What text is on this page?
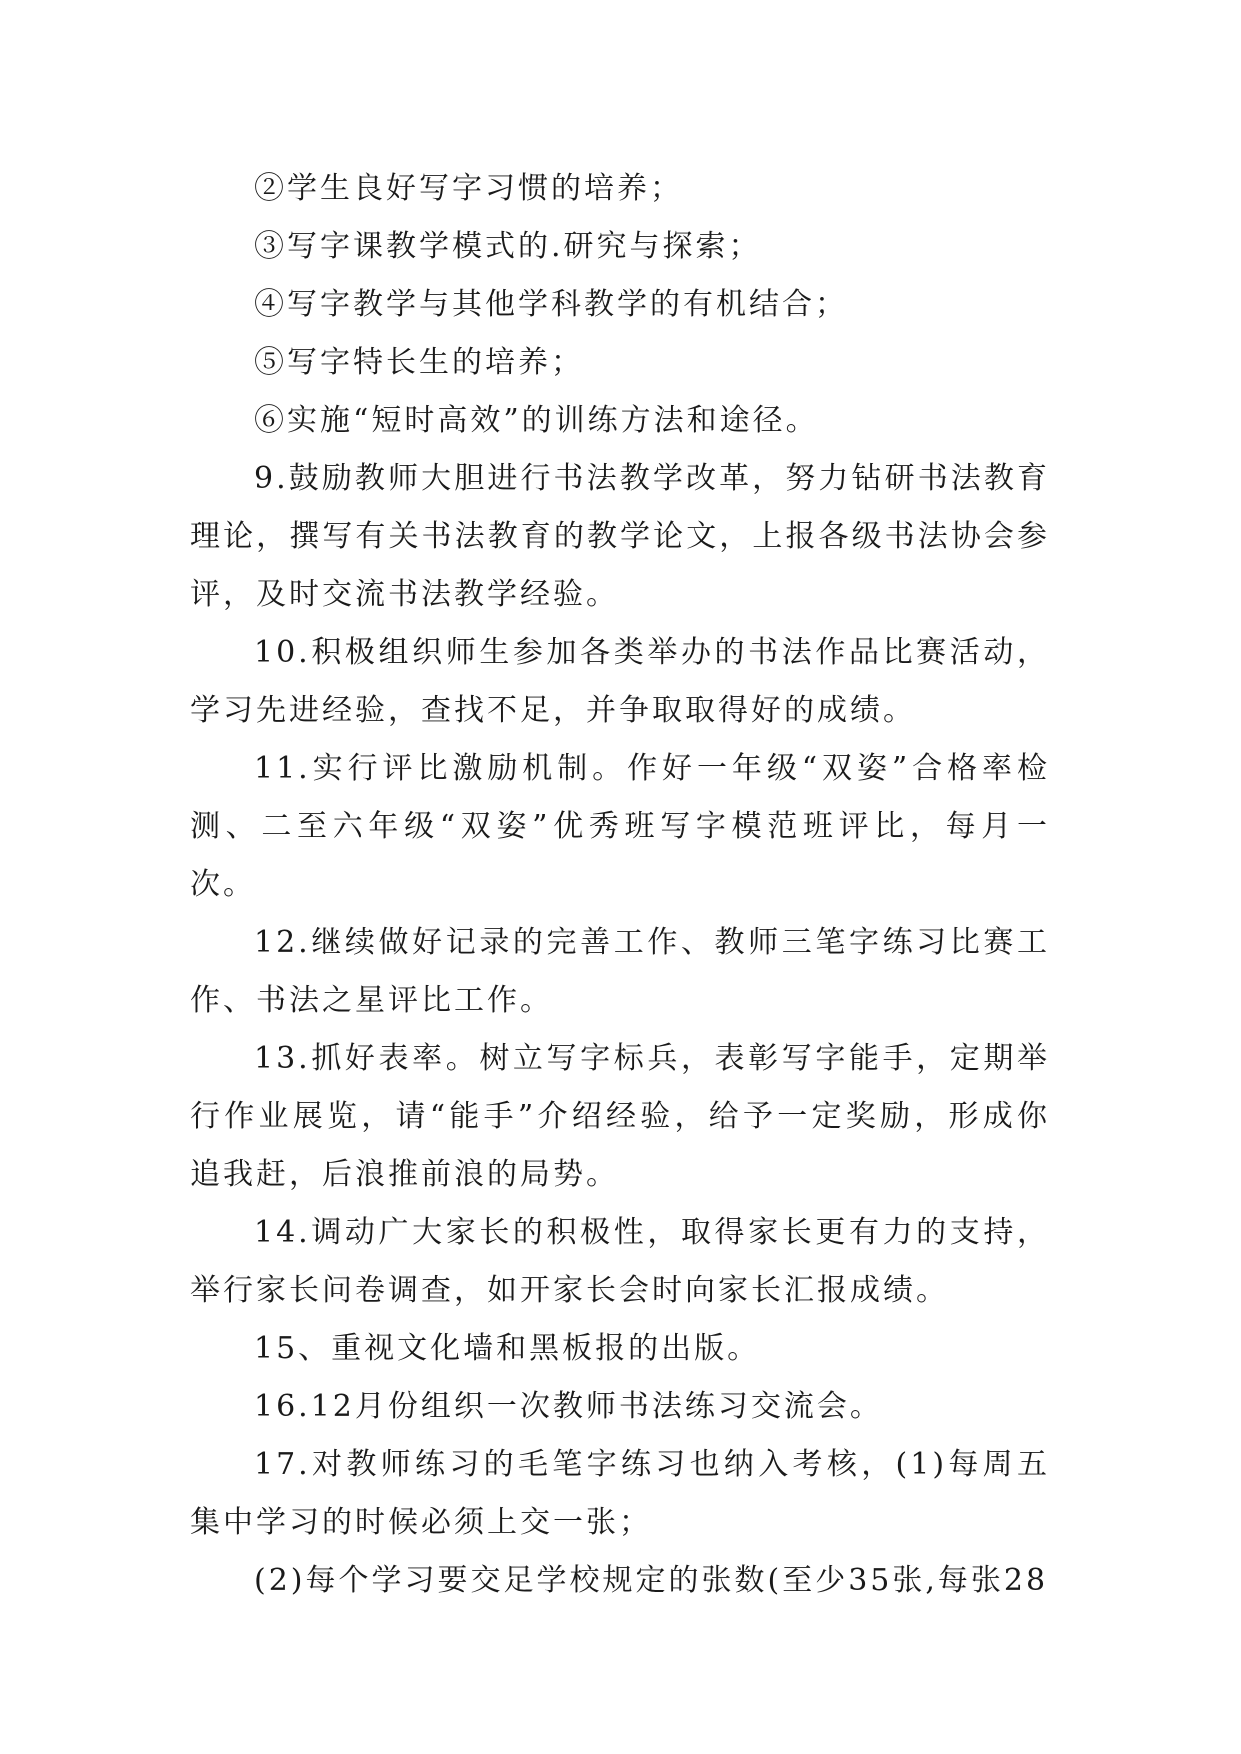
②学生良好写字习惯的培养；

③写字课教学模式的.研究与探索；

④写字教学与其他学科教学的有机结合；

⑤写字特长生的培养；

⑥实施“短时高效”的训练方法和途径。

9.鼓励教师大胆进行书法教学改革，努力钻研书法教育理论，撰写有关书法教育的教学论文，上报各级书法协会参评，及时交流书法教学经验。

10.积极组织师生参加各类举办的书法作品比赛活动，学习先进经验，查找不足，并争取取得好的成绩。

11.实行评比激励机制。作好一年级“双姿”合格率检测、二至六年级“双姿”优秀班写字模范班评比，每月一次。

12.继续做好记录的完善工作、教师三笔字练习比赛工作、书法之星评比工作。

13.抓好表率。树立写字标兵，表彰写字能手，定期举行作业展览，请“能手”介绍经验，给予一定奖励，形成你追我赶，后浪推前浪的局势。

14.调动广大家长的积极性，取得家长更有力的支持，举行家长问卷调查，如开家长会时向家长汇报成绩。

15、重视文化墙和黑板报的出版。

16.12月份组织一次教师书法练习交流会。

17.对教师练习的毛笔字练习也纳入考核，(1)每周五集中学习的时候必须上交一张；

(2)每个学习要交足学校规定的张数(至少35张,每张28
